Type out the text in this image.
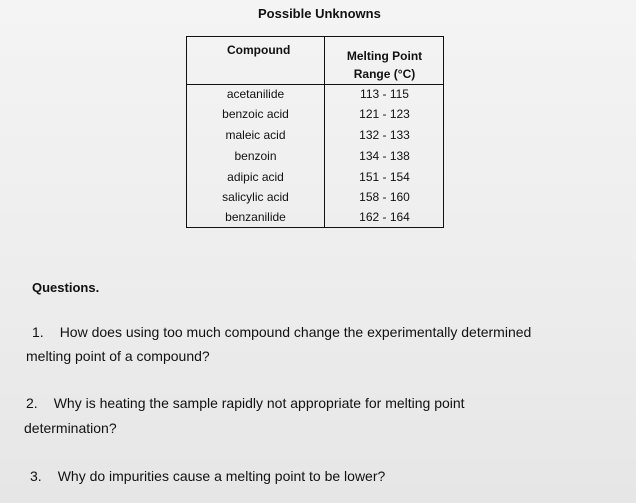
Possible Unknowns
Compound	Melting Point
Range (°C)
acetanilide	113 - 115
benzoic acid	121 - 123
maleic acid	132 - 133
benzoin	134 - 138
adipic acid	151 - 154
salicylic acid	158 - 160
benzanilide	162 - 164
Questions.
1. How does using too much compound change the experimentally determined
melting point of a compound?
2. Why is heating the sample rapidly not appropriate for melting point
determination?
3. Why do impurities cause a melting point to be lower?
